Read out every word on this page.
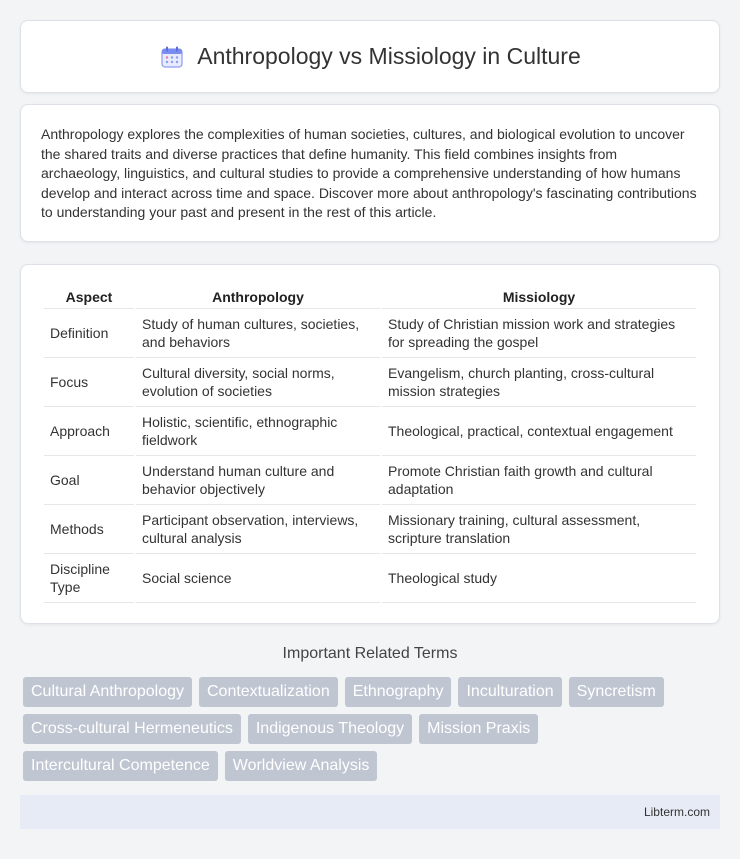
Anthropology vs Missiology in Culture

Anthropology explores the complexities of human societies, cultures, and biological evolution to uncover the shared traits and diverse practices that define humanity. This field combines insights from archaeology, linguistics, and cultural studies to provide a comprehensive understanding of how humans develop and interact across time and space. Discover more about anthropology's fascinating contributions to understanding your past and present in the rest of this article.

Aspect	Anthropology	Missiology
Definition	Study of human cultures, societies, and behaviors	Study of Christian mission work and strategies for spreading the gospel
Focus	Cultural diversity, social norms, evolution of societies	Evangelism, church planting, cross-cultural mission strategies
Approach	Holistic, scientific, ethnographic fieldwork	Theological, practical, contextual engagement
Goal	Understand human culture and behavior objectively	Promote Christian faith growth and cultural adaptation
Methods	Participant observation, interviews, cultural analysis	Missionary training, cultural assessment, scripture translation
Discipline Type	Social science	Theological study
Important Related Terms
Cultural Anthropology	Contextualization	Ethnography	Inculturation	Syncretism
Cross-cultural Hermeneutics	Indigenous Theology	Mission Praxis
Intercultural Competence	Worldview Analysis
Libterm.com
